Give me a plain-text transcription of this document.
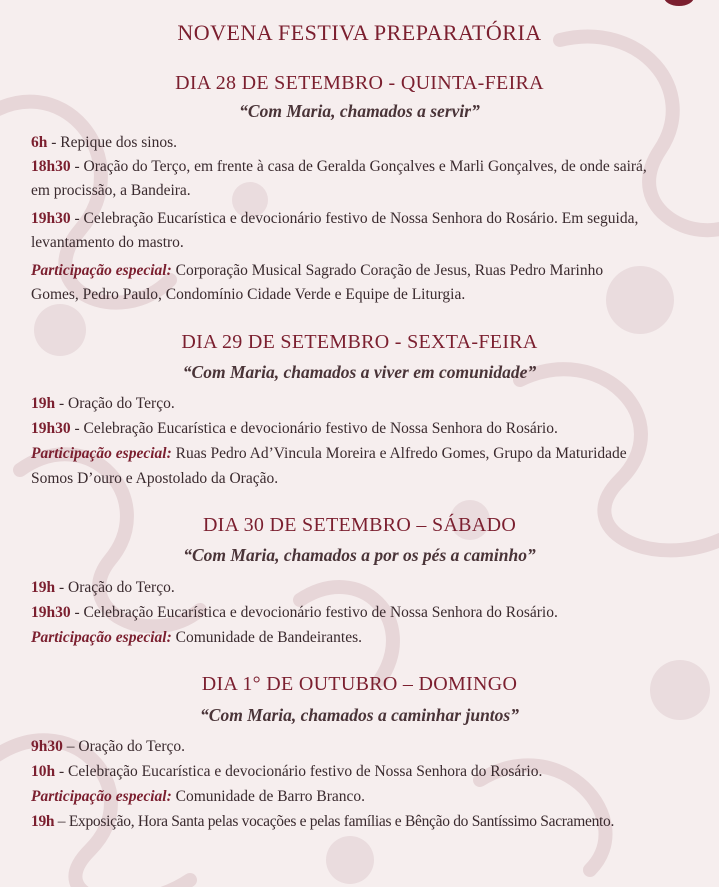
NOVENA FESTIVA PREPARATÓRIA
DIA 28 DE SETEMBRO - QUINTA-FEIRA
“Com Maria, chamados a servir”
6h - Repique dos sinos.
18h30 - Oração do Terço, em frente à casa de Geralda Gonçalves e Marli Gonçalves, de onde sairá,
em procissão, a Bandeira.
19h30 - Celebração Eucarística e devocionário festivo de Nossa Senhora do Rosário. Em seguida,
levantamento do mastro.
Participação especial: Corporação Musical Sagrado Coração de Jesus, Ruas Pedro Marinho
Gomes, Pedro Paulo, Condomínio Cidade Verde e Equipe de Liturgia.
DIA 29 DE SETEMBRO - SEXTA-FEIRA
“Com Maria, chamados a viver em comunidade”
19h - Oração do Terço.
19h30 - Celebração Eucarística e devocionário festivo de Nossa Senhora do Rosário.
Participação especial: Ruas Pedro Ad’Vincula Moreira e Alfredo Gomes, Grupo da Maturidade
Somos D’ouro e Apostolado da Oração.
DIA 30 DE SETEMBRO – SÁBADO
“Com Maria, chamados a por os pés a caminho”
19h - Oração do Terço.
19h30 - Celebração Eucarística e devocionário festivo de Nossa Senhora do Rosário.
Participação especial: Comunidade de Bandeirantes.
DIA 1° DE OUTUBRO – DOMINGO
“Com Maria, chamados a caminhar juntos”
9h30 – Oração do Terço.
10h - Celebração Eucarística e devocionário festivo de Nossa Senhora do Rosário.
Participação especial: Comunidade de Barro Branco.
19h – Exposição, Hora Santa pelas vocações e pelas famílias e Bênção do Santíssimo Sacramento.
